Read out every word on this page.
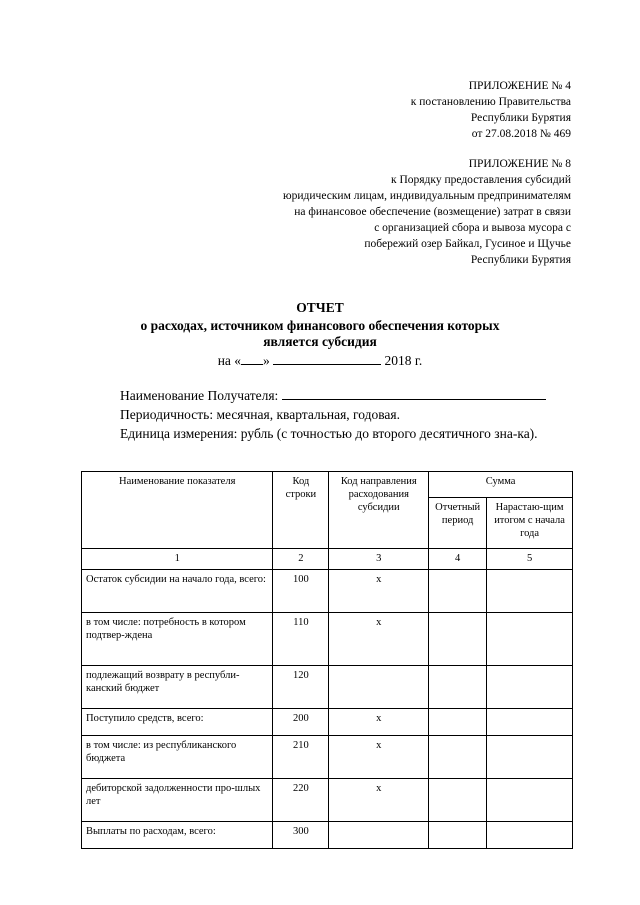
ПРИЛОЖЕНИЕ № 4
к постановлению Правительства
Республики Бурятия
от 27.08.2018 № 469
ПРИЛОЖЕНИЕ № 8
к Порядку предоставления субсидий
юридическим лицам, индивидуальным предпринимателям
на финансовое обеспечение (возмещение) затрат в связи
с организацией сбора и вывоза мусора с
побережий озер Байкал, Гусиное и Щучье
Республики Бурятия
ОТЧЕТ
о расходах, источником финансового обеспечения которых
является субсидия
на « »	2018 г.
Наименование Получателя:
Периодичность: месячная, квартальная, годовая.
Единица измерения: рубль (с точностью до второго десятичного зна-ка).
Наименование показателя	Код строки	Код направления расходования субсидии	Сумма	
			Отчетный период	Нарастаю-щим итогом с начала года
1	2	3	4	5
Остаток субсидии на начало года, всего:	100	x		
в том числе: потребность в котором подтвер-ждена	110	x		
подлежащий возврату в республи-канский бюджет	120			
Поступило средств, всего:	200	x		
в том числе: из республиканского бюджета	210	x		
дебиторской задолженности про-шлых лет	220	x		
Выплаты по расходам, всего:	300			
